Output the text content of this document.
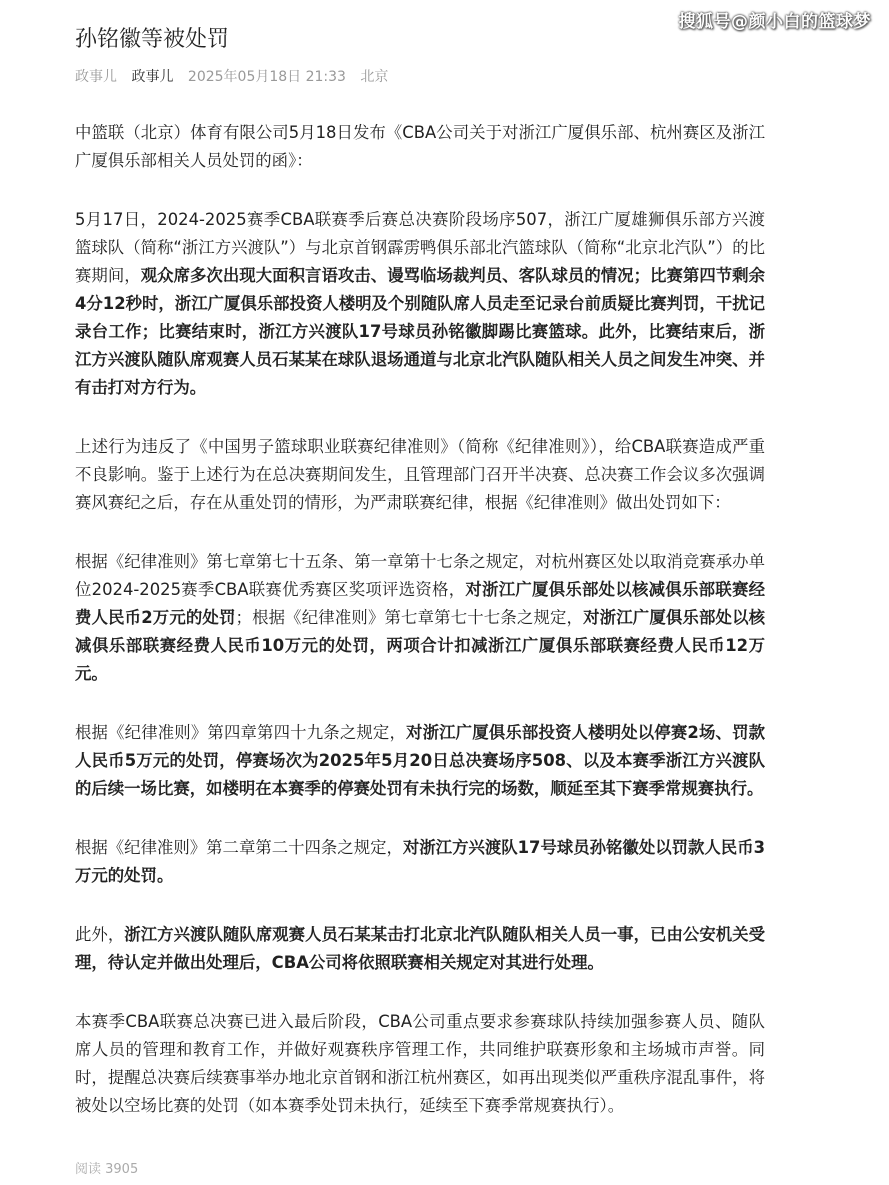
搜狐号@颜小白的篮球梦
孙铭徽等被处罚
政事儿 政事儿 2025年05月18日 21:33 北京

中篮联（北京）体育有限公司5月18日发布《CBA公司关于对浙江广厦俱乐部、杭州赛区及浙江广厦俱乐部相关人员处罚的函》：

5月17日，2024-2025赛季CBA联赛季后赛总决赛阶段场序507，浙江广厦雄狮俱乐部方兴渡篮球队（简称“浙江方兴渡队”）与北京首钢霹雳鸭俱乐部北汽篮球队（简称“北京北汽队”）的比赛期间，观众席多次出现大面积言语攻击、谩骂临场裁判员、客队球员的情况；比赛第四节剩余4分12秒时，浙江广厦俱乐部投资人楼明及个别随队席人员走至记录台前质疑比赛判罚，干扰记录台工作；比赛结束时，浙江方兴渡队17号球员孙铭徽脚踢比赛篮球。此外，比赛结束后，浙江方兴渡队随队席观赛人员石某某在球队退场通道与北京北汽队随队相关人员之间发生冲突、并有击打对方行为。

上述行为违反了《中国男子篮球职业联赛纪律准则》（简称《纪律准则》），给CBA联赛造成严重不良影响。鉴于上述行为在总决赛期间发生，且管理部门召开半决赛、总决赛工作会议多次强调赛风赛纪之后，存在从重处罚的情形，为严肃联赛纪律，根据《纪律准则》做出处罚如下：

根据《纪律准则》第七章第七十五条、第一章第十七条之规定，对杭州赛区处以取消竞赛承办单位2024-2025赛季CBA联赛优秀赛区奖项评选资格，对浙江广厦俱乐部处以核减俱乐部联赛经费人民币2万元的处罚；根据《纪律准则》第七章第七十七条之规定，对浙江广厦俱乐部处以核减俱乐部联赛经费人民币10万元的处罚，两项合计扣减浙江广厦俱乐部联赛经费人民币12万元。

根据《纪律准则》第四章第四十九条之规定，对浙江广厦俱乐部投资人楼明处以停赛2场、罚款人民币5万元的处罚，停赛场次为2025年5月20日总决赛场序508、以及本赛季浙江方兴渡队的后续一场比赛，如楼明在本赛季的停赛处罚有未执行完的场数，顺延至其下赛季常规赛执行。

根据《纪律准则》第二章第二十四条之规定，对浙江方兴渡队17号球员孙铭徽处以罚款人民币3万元的处罚。

此外，浙江方兴渡队随队席观赛人员石某某击打北京北汽队随队相关人员一事，已由公安机关受理，待认定并做出处理后，CBA公司将依照联赛相关规定对其进行处理。

本赛季CBA联赛总决赛已进入最后阶段，CBA公司重点要求参赛球队持续加强参赛人员、随队席人员的管理和教育工作，并做好观赛秩序管理工作，共同维护联赛形象和主场城市声誉。同时，提醒总决赛后续赛事举办地北京首钢和浙江杭州赛区，如再出现类似严重秩序混乱事件，将被处以空场比赛的处罚（如本赛季处罚未执行，延续至下赛季常规赛执行）。

阅读 3905
